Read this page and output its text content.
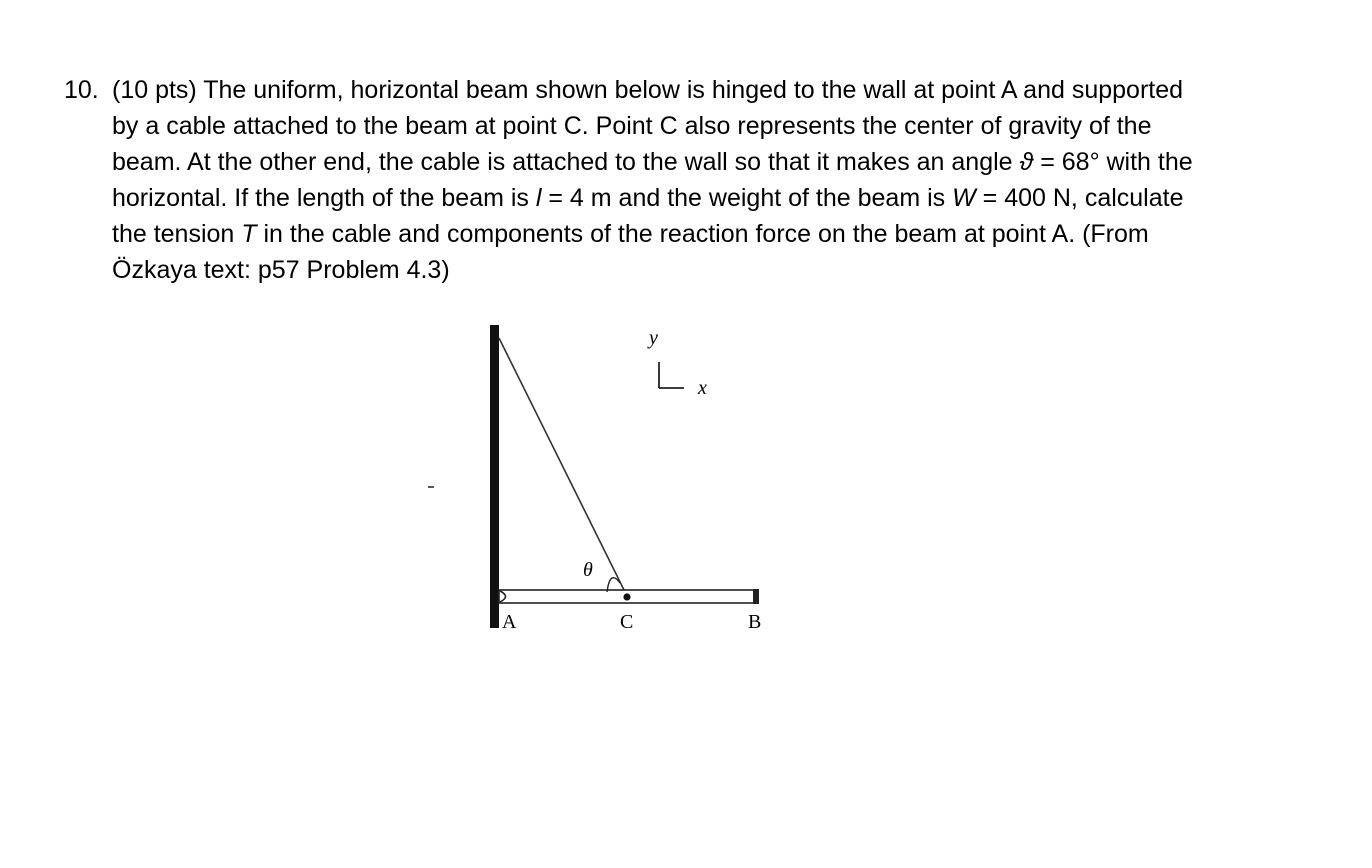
10. (10 pts) The uniform, horizontal beam shown below is hinged to the wall at point A and supported
by a cable attached to the beam at point C. Point C also represents the center of gravity of the
beam. At the other end, the cable is attached to the wall so that it makes an angle ϑ = 68° with the
horizontal. If the length of the beam is l = 4 m and the weight of the beam is W = 400 N, calculate
the tension T in the cable and components of the reaction force on the beam at point A. (From
Özkaya text: p57 Problem 4.3)
y
x
θ
A	C	B
